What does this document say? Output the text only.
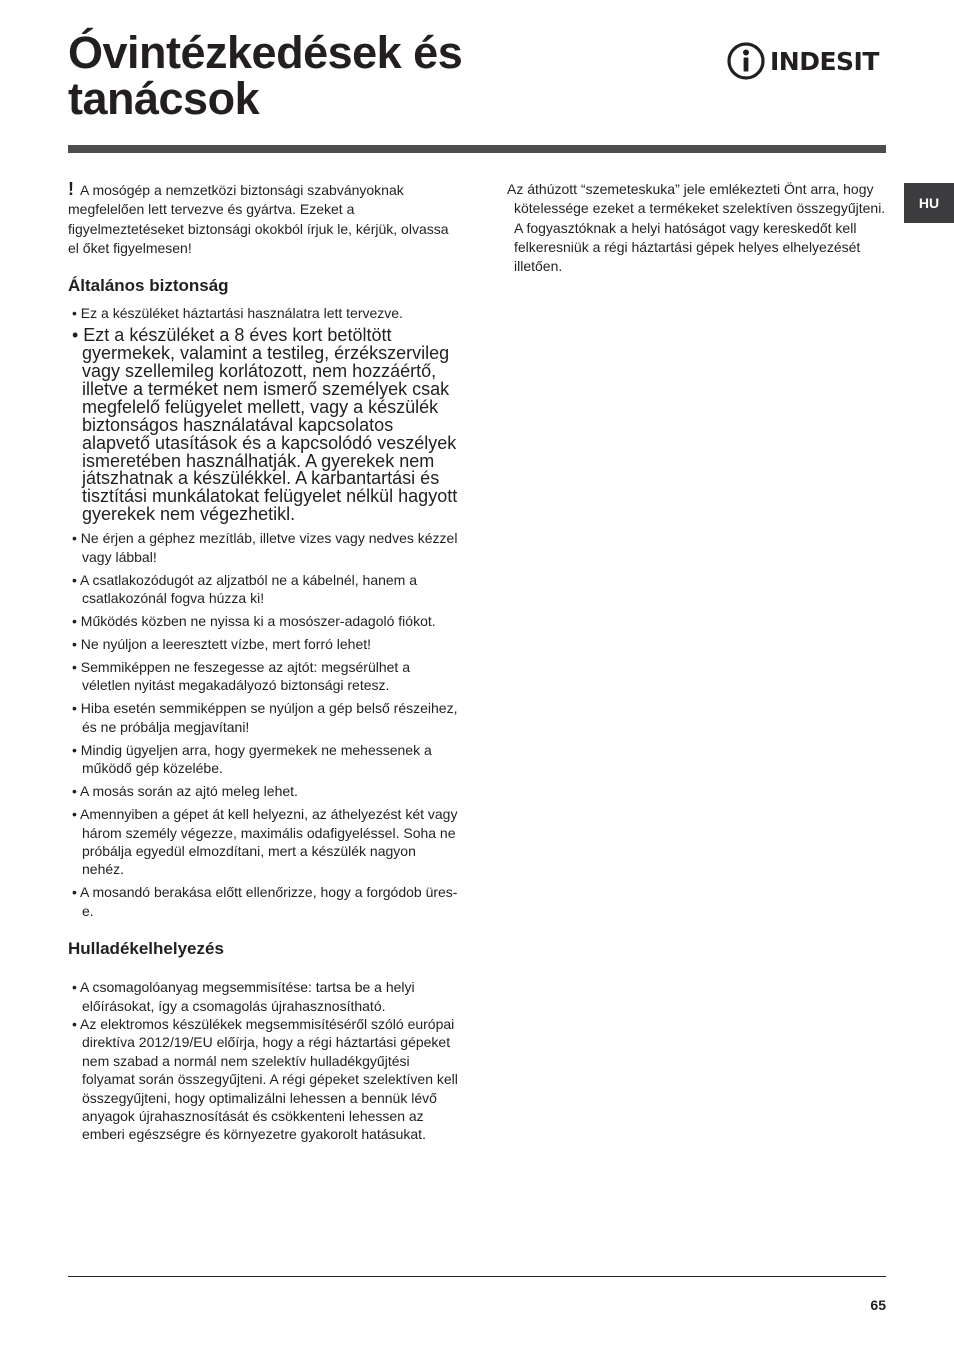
Óvintézkedések és
tanácsok
INDESIT
HU

! A mosógép a nemzetközi biztonsági szabványoknak megfelelően lett tervezve és gyártva. Ezeket a figyelmeztetéseket biztonsági okokból írjuk le, kérjük, olvassa el őket figyelmesen!

Általános biztonság
• Ez a készüléket háztartási használatra lett tervezve.
• Ezt a készüléket a 8 éves kort betöltött gyermekek, valamint a testileg, érzékszervileg vagy szellemileg korlátozott, nem hozzáértő, illetve a terméket nem ismerő személyek csak megfelelő felügyelet mellett, vagy a készülék biztonságos használatával kapcsolatos alapvető utasítások és a kapcsolódó veszélyek ismeretében használhatják. A gyerekek nem játszhatnak a készülékkel. A karbantartási és tisztítási munkálatokat felügyelet nélkül hagyott gyerekek nem végezhetikl.
• Ne érjen a géphez mezítláb, illetve vizes vagy nedves kézzel vagy lábbal!
• A csatlakozódugót az aljzatból ne a kábelnél, hanem a csatlakozónál fogva húzza ki!
• Működés közben ne nyissa ki a mosószer-adagoló fiókot.
• Ne nyúljon a leeresztett vízbe, mert forró lehet!
• Semmiképpen ne feszegesse az ajtót: megsérülhet a véletlen nyitást megakadályozó biztonsági retesz.
• Hiba esetén semmiképpen se nyúljon a gép belső részeihez, és ne próbálja megjavítani!
• Mindig ügyeljen arra, hogy gyermekek ne mehessenek a működő gép közelébe.
• A mosás során az ajtó meleg lehet.
• Amennyiben a gépet át kell helyezni, az áthelyezést két vagy három személy végezze, maximális odafigyeléssel. Soha ne próbálja egyedül elmozdítani, mert a készülék nagyon nehéz.
• A mosandó berakása előtt ellenőrizze, hogy a forgódob üres-e.
Hulladékelhelyezés
• A csomagolóanyag megsemmisítése: tartsa be a helyi előírásokat, így a csomagolás újrahasznosítható.
• Az elektromos készülékek megsemmisítéséről szóló európai direktíva 2012/19/EU előírja, hogy a régi háztartási gépeket nem szabad a normál nem szelektív hulladékgyűjtési folyamat során összegyűjteni. A régi gépeket szelektíven kell összegyűjteni, hogy optimalizálni lehessen a bennük lévő anyagok újrahasznosítását és csökkenteni lehessen az emberi egészségre és környezetre gyakorolt hatásukat.

Az áthúzott “szemeteskuka” jele emlékezteti Önt arra, hogy kötelessége ezeket a termékeket szelektíven összegyűjteni. A fogyasztóknak a helyi hatóságot vagy kereskedőt kell felkeresniük a régi háztartási gépek helyes elhelyezését illetően.

65
